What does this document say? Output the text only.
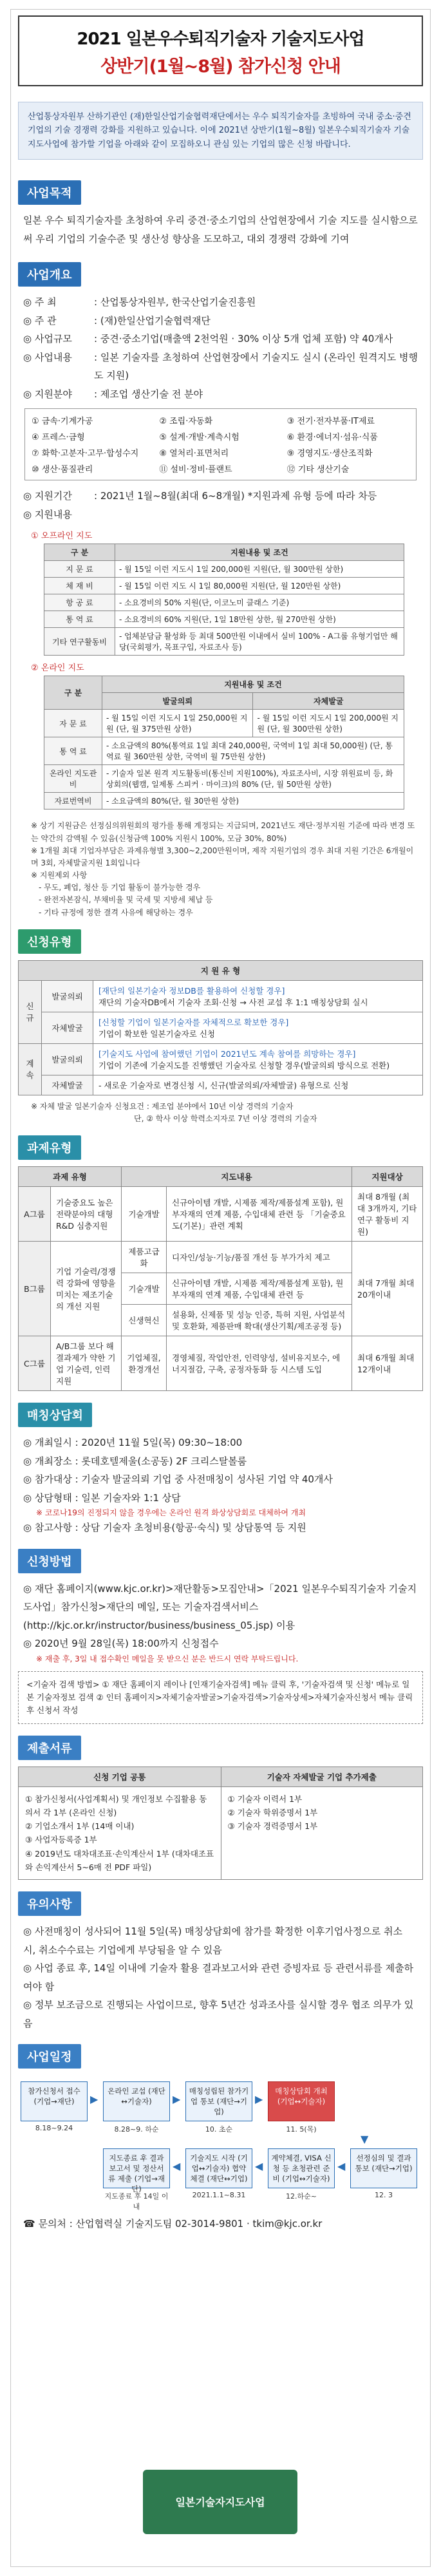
2021 일본우수퇴직기술자 기술지도사업
상반기(1월~8월) 참가신청 안내
산업통상자원부 산하기관인 (재)한일산업기술협력재단에서는 우수 퇴직기술자를 초빙하여 국내 중소·중견기업의 기술 경쟁력 강화를 지원하고 있습니다. 이에 2021년 상반기(1월~8월) 일본우수퇴직기술자 기술지도사업에 참가할 기업을 아래와 같이 모집하오니 관심 있는 기업의 많은 신청 바랍니다.
사업목적
일본 우수 퇴직기술자를 초청하여 우리 중견·중소기업의 산업현장에서 기술 지도를 실시함으로써 우리 기업의 기술수준 및 생산성 향상을 도모하고, 대외 경쟁력 강화에 기여
사업개요
◎ 주 최	: 산업통상자원부, 한국산업기술진흥원
◎ 주 관	: (재)한일산업기술협력재단
◎ 사업규모	: 중견·중소기업(매출액 2천억원 · 30% 이상 5개 업체 포함) 약 40개사
◎ 사업내용	: 일본 기술자를 초청하여 산업현장에서 기술지도 실시 (온라인 원격지도 병행도 지원)
◎ 지원분야	: 제조업 생산기술 전 분야
① 금속·기계가공	② 조립·자동화	③ 전기·전자부품·IT제료
④ 프레스·금형	⑤ 설계·개발·계측시험	⑥ 환경·에너지·섬유·식품
⑦ 화학·고분자·고무·합성수지	⑧ 열처리·표면처리	⑨ 경영지도·생산조직화
⑩ 생산·품질관리	⑪ 설비·정비·플랜트	⑫ 기타 생산기술
◎ 지원기간	: 2021년 1월~8월(최대 6~8개월) *지원과제 유형 등에 따라 차등
◎ 지원내용
① 오프라인 지도
구 분	지원내용 및 조건
지 문 료	- 월 15일 이런 지도시 1일 200,000원 지원(단, 월 300만원 상한)
체 재 비	- 월 15일 이런 지도 시 1일 80,000원 지원(단, 월 120만원 상한)
항 공 료	- 소요경비의 50% 지원(단, 이코노미 클래스 기준)
통 역 료	- 소요경비의 60% 지원(단, 1일 18만원 상한, 월 270만원 상한)
기타 연구활동비	- 업체분담금 활성화 등 최대 500만원 이내에서 실비 100% - A그룹 유형기업만 해당(국회평가, 목표구입, 자료조사 등)
② 온라인 지도
구 분	지원내용 및 조건	
	발굴의뢰	자체발굴
자 문 료	- 월 15일 이런 지도시 1일 250,000원 지원 (단, 월 375만원 상한)	- 월 15일 이런 지도시 1일 200,000원 지원 (단, 월 300만원 상한)
통 역 료	- 소요금액의 80%(통역료 1일 최대 240,000원, 국역비 1일 최대 50,000원) (단, 통역료 월 360만원 상한, 국역비 월 75만원 상한)	
온라인 지도관비	- 기술자 일본 원격 지도활동비(통신비 지원100%), 자료조사비, 시장 위원료비 등, 화상회의(웹캠, 일제통 스피커 · 마이크)의 80% (단, 월 50만원 상한)	
자료번역비	- 소요금액의 80%(단, 월 30만원 상한)	
※ 상기 지원금은 선정심의위원회의 평가를 통해 계정되는 지급되며, 2021년도 재단·정부지원 기준에 따라 변경 또는 약간의 감액될 수 있음(신청금액 100% 지원시 100%, 모금 30%, 80%)
※ 1개월 최대 기업자부담은 과제유형별 3,300~2,200만원이며, 제작 지원기업의 경우 최대 지원 기간은 6개월이며 3회, 자체발굴지원 1회입니다
※ 지원제외 사항
- 무도, 폐업, 청산 등 기업 활동이 불가능한 경우
- 완전자본잠식, 부채비율 및 국세 및 지방세 체납 등
- 기타 규정에 정한 결격 사유에 해당하는 경우
신청유형
지 원 유 형		
신규	발굴의뢰	[재단의 일본기술자 정보DB를 활용하여 신청할 경우]
재단의 기술자DB에서 기술자 조회·신청 → 사전 교섭 후 1:1 매칭상담회 실시

	자체발굴	[신청할 기업이 일본기술자를 자체적으로 확보한 경우]
기업이 확보한 일본기술자로 신청

계속	발굴의뢰	[기술지도 사업에 참여했던 기업이 2021년도 계속 참여를 희망하는 경우]
기업이 기존에 기술지도를 진행했던 기술자로 신청할 경우(발굴의뢰 방식으로 전환)

	자체발굴	- 새로운 기술자로 변경신청 시, 신규(발굴의뢰/자체발굴) 유형으로 신청
※ 자체 발굴 일본기술자 신청요건 : 제조업 분야에서 10년 이상 경력의 기술자
단, ② 학사 이상 학력소지자로 7년 이상 경력의 기술자
과제유형
과제 유형		지도내용		지원대상
A그룹	기술중요도 높은 전략분야의 대형 R&D 심층지원	기술개발	신규아이템 개발, 시제품 제작/제품설계 포함), 원부자재의 연계 제품, 수입대체 관련 등 「기술중요도(기본)」관련 계획	최대 8개월 (최대 3개까지, 기타 연구 활동비 지원)
B그룹	기업 기술력/경쟁력 강화에 영향을 미치는 제조기술의 개선 지원	제품고급화	디자인/성능·기능/품질 개선 등 부가가치 제고	최대 7개월 최대 20개이내
		기술개발	신규아이템 개발, 시제품 제작/제품설계 포함), 원부자재의 연계 제품, 수입대체 관련 등	
		신생혁신	설용화, 신제품 및 성능 인증, 특허 지원, 사업분석 및 호환화, 제품판매 확대(생산기획/제조공정 등)	
C그룹	A/B그룹 보다 해결과제가 약한 기업 기술력, 인력 지원	기업체질, 환경개선	경영체질, 작업안전, 인력양성, 설비유지보수, 에너지절감, 구축, 공정자동화 등 시스템 도입	최대 6개월 최대 12개이내
매칭상담회
◎ 개최일시 : 2020년 11월 5일(목) 09:30~18:00
◎ 개최장소 : 롯데호텔제울(소공동) 2F 크리스탈볼룸
◎ 참가대상 : 기술자 발굴의뢰 기업 중 사전매칭이 성사된 기업 약 40개사
◎ 상담형태 : 일본 기술자와 1:1 상담
※ 코로나19의 진정되지 않을 경우에는 온라인 원격 화상상담회로 대체하여 개최
◎ 참고사항 : 상담 기술자 초청비용(항공·숙식) 및 상담통역 등 지원
신청방법
◎ 재단 홈페이지(www.kjc.or.kr)>재단활동>모집안내>「2021 일본우수퇴직기술자 기술지도사업」참가신청>재단의 메일, 또는 기술자검색서비스(http://kjc.or.kr/instructor/business/business_05.jsp) 이용
◎ 2020년 9월 28일(목) 18:00까지 신청접수
※ 재출 후, 3일 내 접수확인 메일을 못 받으신 분은 반드시 연락 부탁드립니다.
<기술자 검색 방법> ① 재단 홈페이지 레이나 [인재기술자검색] 메뉴 클릭 후, '기술자검색 및 신청' 메뉴로 일본 기술자정보 검색 ② 인터 홈페이지>자체기술자발굴>기술자검색>기술자상세>자체기술자신청서 메뉴 클릭 후 신청서 작성
제출서류
신청 기업 공통	기술자 자체발굴 기업 추가제출
① 참가신청서(사업계획서) 및 개인정보 수집활용 동의서 각 1부 (온라인 신청)
② 기업소개서 1부 (14매 이내)
③ 사업자등록증 1부
④ 2019년도 대차대조표·손익계산서 1부 (대차대조표와 손익계산서 5~6매 전 PDF 파일)
① 기술자 이력서 1부
② 기술자 학위증명서 1부
③ 기술자 경력증명서 1부
유의사항
◎ 사전매칭이 성사되어 11월 5일(목) 매칭상담회에 참가를 확정한 이후기업사정으로 취소 시, 취소수수료는 기업에게 부당됨을 알 수 있음
◎ 사업 종료 후, 14일 이내에 기술자 활용 결과보고서와 관련 증빙자료 등 관련서류를 제출하여야 함
◎ 정부 보조금으로 진행되는 사업이므로, 향후 5년간 성과조사를 실시할 경우 협조 의무가 있음
사업일정
참가신청서 접수 (기업→재단)
8.18~9.24
▶
온라인 교섭 (재단↔기술자)
8.28~9. 하순
▶
매칭성립된 참가기업 통보 (재단→기업)
10. 초순
▶
매칭상담회 개최 (기업↔기술자)
11. 5(목)
▼
선정심의 및 결과통보 (재단→기업)
12. 3
◀
계약체결, VISA 신청 등 초청관련 준비 (기업↔기술자)
12.하순~
◀
기술지도 시작 (기업↔기술자) 협약체결 (재단↔기업)
2021.1.1~8.31
◀
지도종료 후 결과보고서 및 정산서류 제출 (기업→재단)
지도종료 후 14일 이내
☎ 문의처 : 산업협력실 기술지도팀 02-3014-9801 · tkim@kjc.or.kr
일본기술자지도사업
